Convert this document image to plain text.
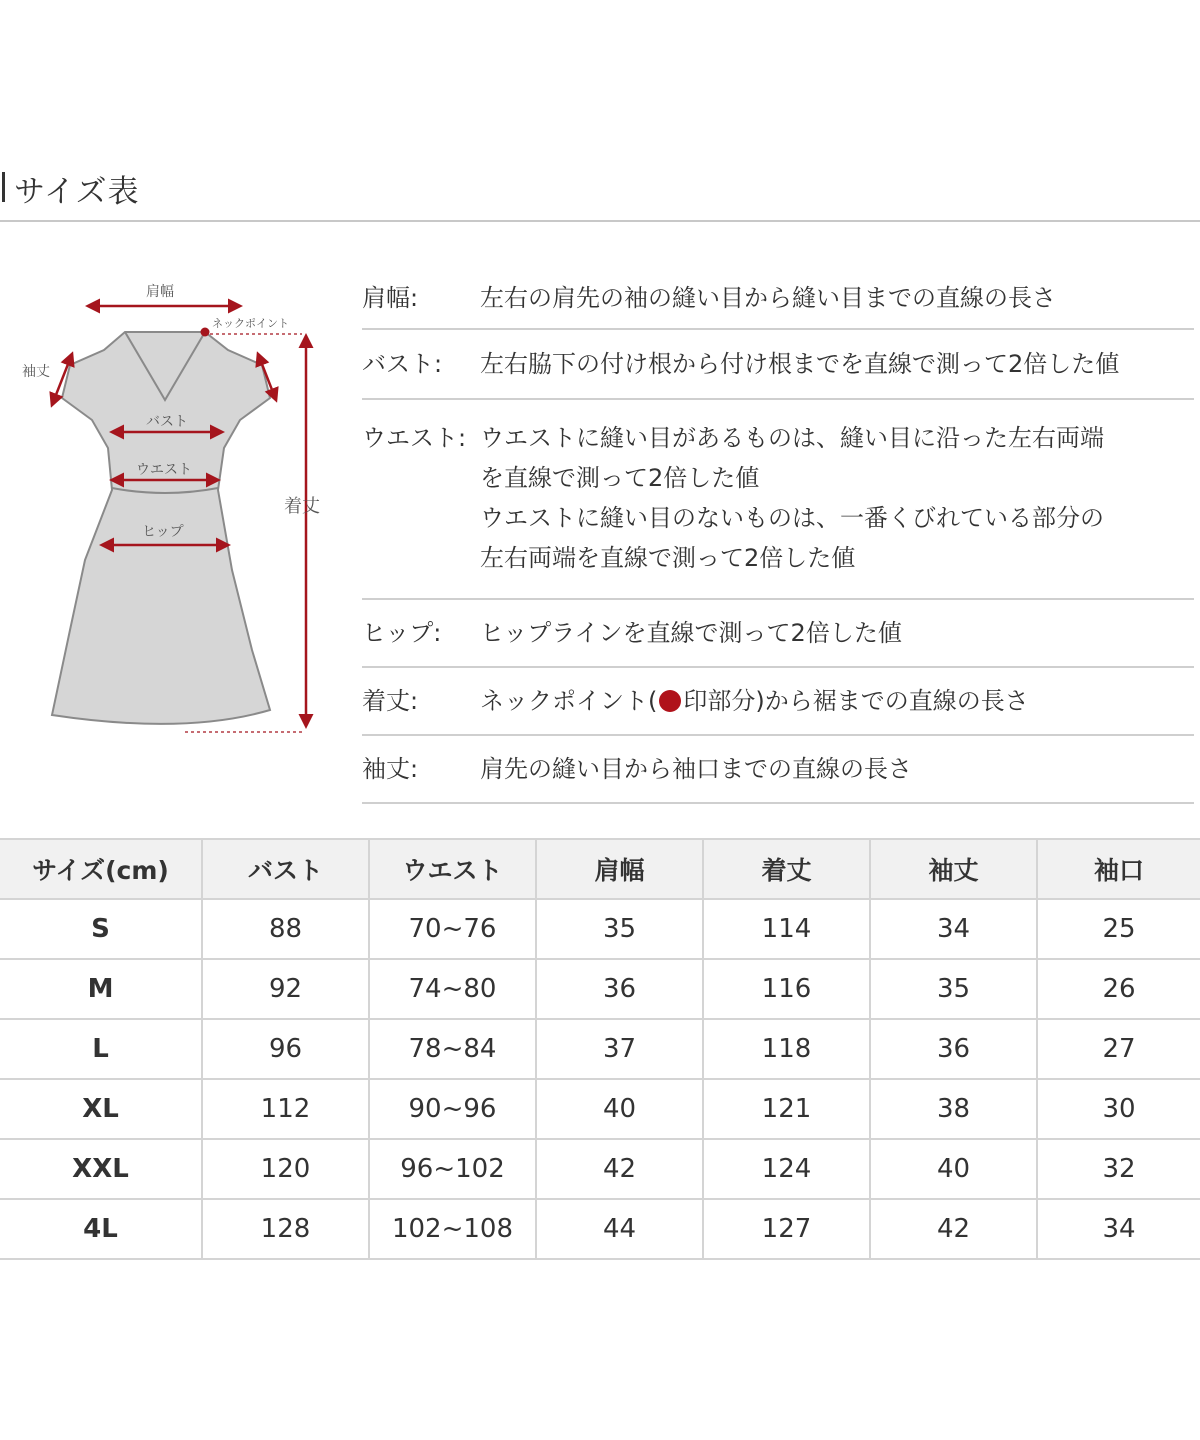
サイズ表
肩幅
ネックポイント
袖丈
バスト
ウエスト
ヒップ
着丈
肩幅:	左右の肩先の袖の縫い目から縫い目までの直線の長さ
バスト:	左右脇下の付け根から付け根までを直線で測って2倍した値
ウエスト: ウエストに縫い目があるものは、縫い目に沿った左右両端
を直線で測って2倍した値
ウエストに縫い目のないものは、一番くびれている部分の
左右両端を直線で測って2倍した値
ヒップ:	ヒップラインを直線で測って2倍した値
着丈:	ネックポイント( 印部分)から裾までの直線の長さ
袖丈:	肩先の縫い目から袖口までの直線の長さ
サイズ(cm)	バスト	ウエスト	肩幅	着丈	袖丈	袖口
S	88	70~76	35	114	34	25
M	92	74~80	36	116	35	26
L	96	78~84	37	118	36	27
XL	112	90~96	40	121	38	30
XXL	120	96~102	42	124	40	32
4L	128	102~108	44	127	42	34
